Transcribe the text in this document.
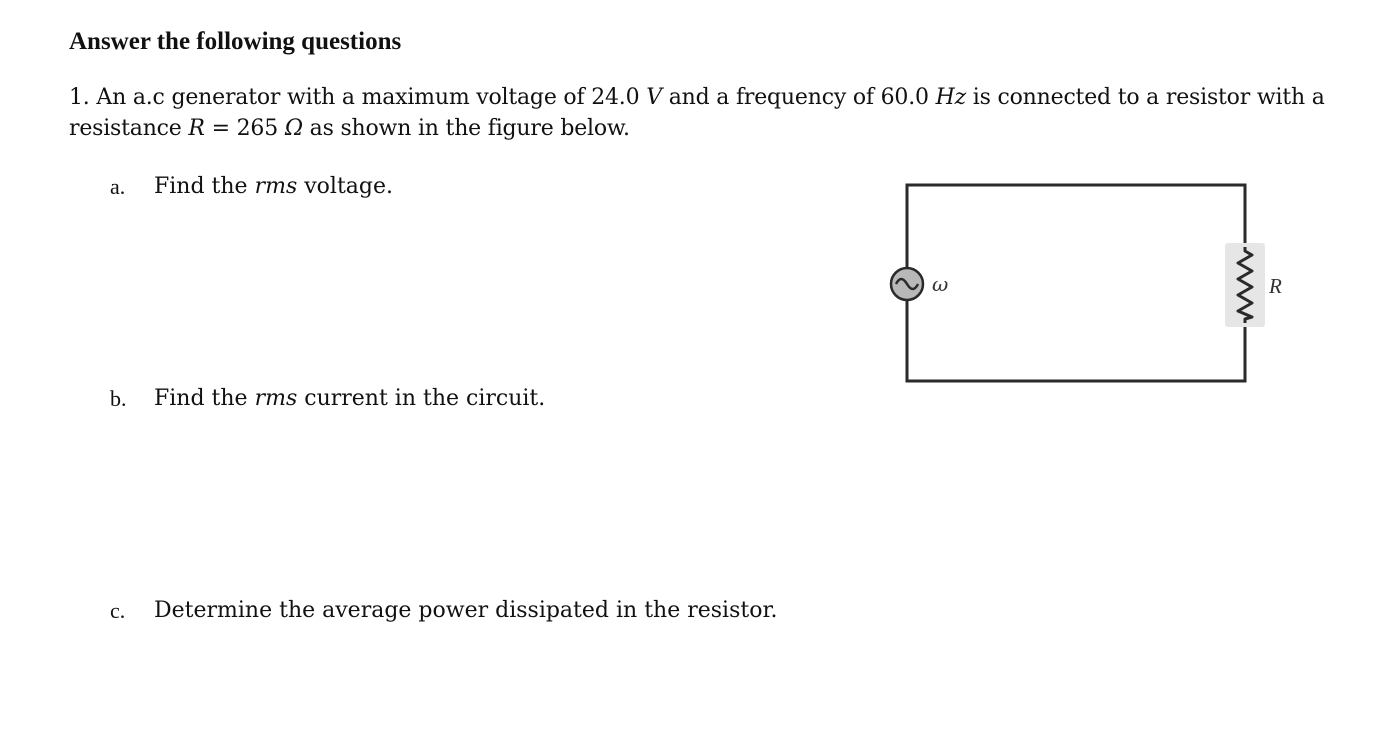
Answer the following questions
1. An a.c generator with a maximum voltage of 24.0 V and a frequency of 60.0 Hz is connected to a resistor with a resistance R = 265 Ω as shown in the figure below.
a. Find the rms voltage.
b. Find the rms current in the circuit.
c. Determine the average power dissipated in the resistor.
ω	R
